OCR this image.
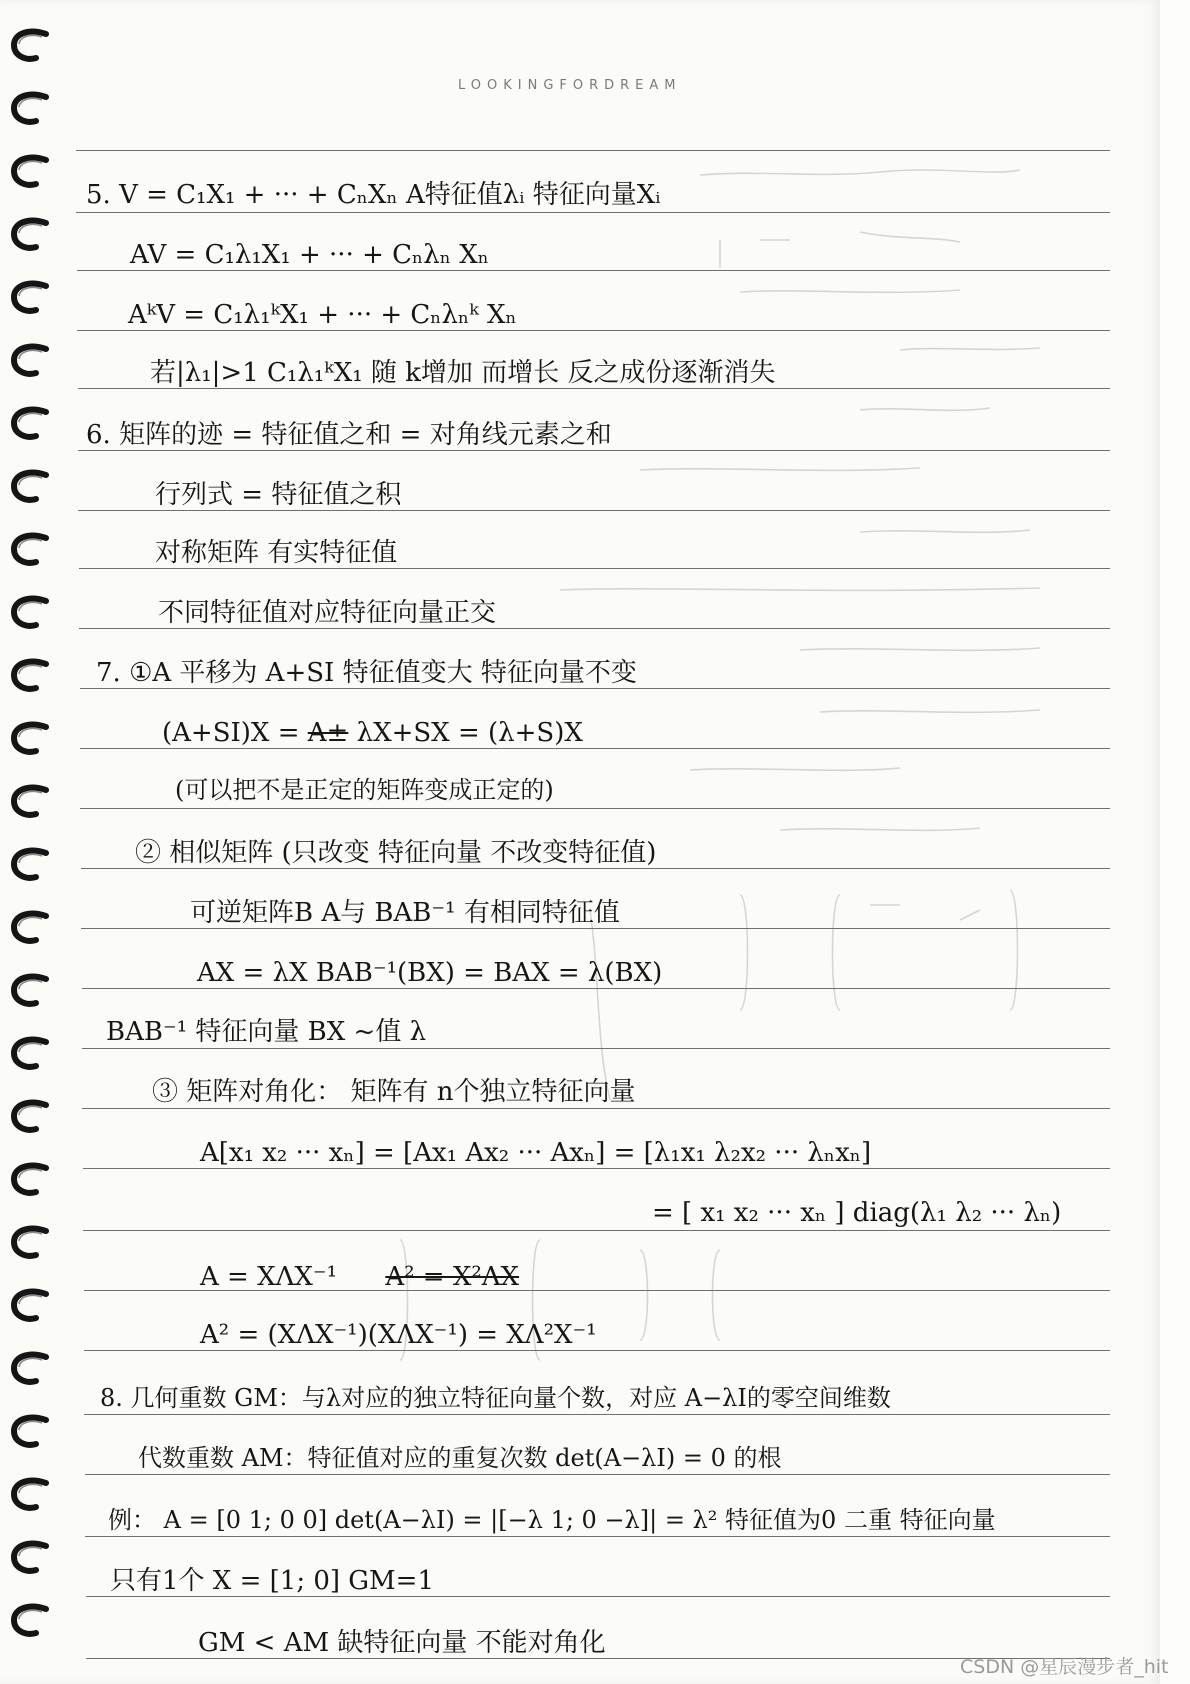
LOOKINGFORDREAM
5. V = C₁X₁ + ··· + CₙXₙ A特征值λᵢ 特征向量Xᵢ
AV = C₁λ₁X₁ + ··· + Cₙλₙ Xₙ
AᵏV = C₁λ₁ᵏX₁ + ··· + Cₙλₙᵏ Xₙ
若|λ₁|>1 C₁λ₁ᵏX₁ 随 k增加 而增长 反之成份逐渐消失
6. 矩阵的迹 = 特征值之和 = 对角线元素之和
行列式 = 特征值之积
对称矩阵 有实特征值
不同特征值对应特征向量正交
7. ①A 平移为 A+SI 特征值变大 特征向量不变
(A+SI)X = A± λX+SX = (λ+S)X
(可以把不是正定的矩阵变成正定的)
② 相似矩阵 (只改变 特征向量 不改变特征值)
可逆矩阵B A与 BAB⁻¹ 有相同特征值
AX = λX BAB⁻¹(BX) = BAX = λ(BX)
BAB⁻¹ 特征向量 BX ~值 λ
③ 矩阵对角化： 矩阵有 n个独立特征向量
A[x₁ x₂ ··· xₙ] = [Ax₁ Ax₂ ··· Axₙ] = [λ₁x₁ λ₂x₂ ··· λₙxₙ]
= [ x₁ x₂ ··· xₙ ] diag(λ₁ λ₂ ··· λₙ)
A = XΛX⁻¹ A² = X²ΛX
A² = (XΛX⁻¹)(XΛX⁻¹) = XΛ²X⁻¹
8. 几何重数 GM：与λ对应的独立特征向量个数，对应 A−λI的零空间维数
代数重数 AM：特征值对应的重复次数 det(A−λI) = 0 的根
例： A = [0 1; 0 0] det(A−λI) = |[−λ 1; 0 −λ]| = λ² 特征值为0 二重 特征向量
只有1个 X = [1; 0] GM=1
GM < AM 缺特征向量 不能对角化
CSDN @星辰漫步者_hit
